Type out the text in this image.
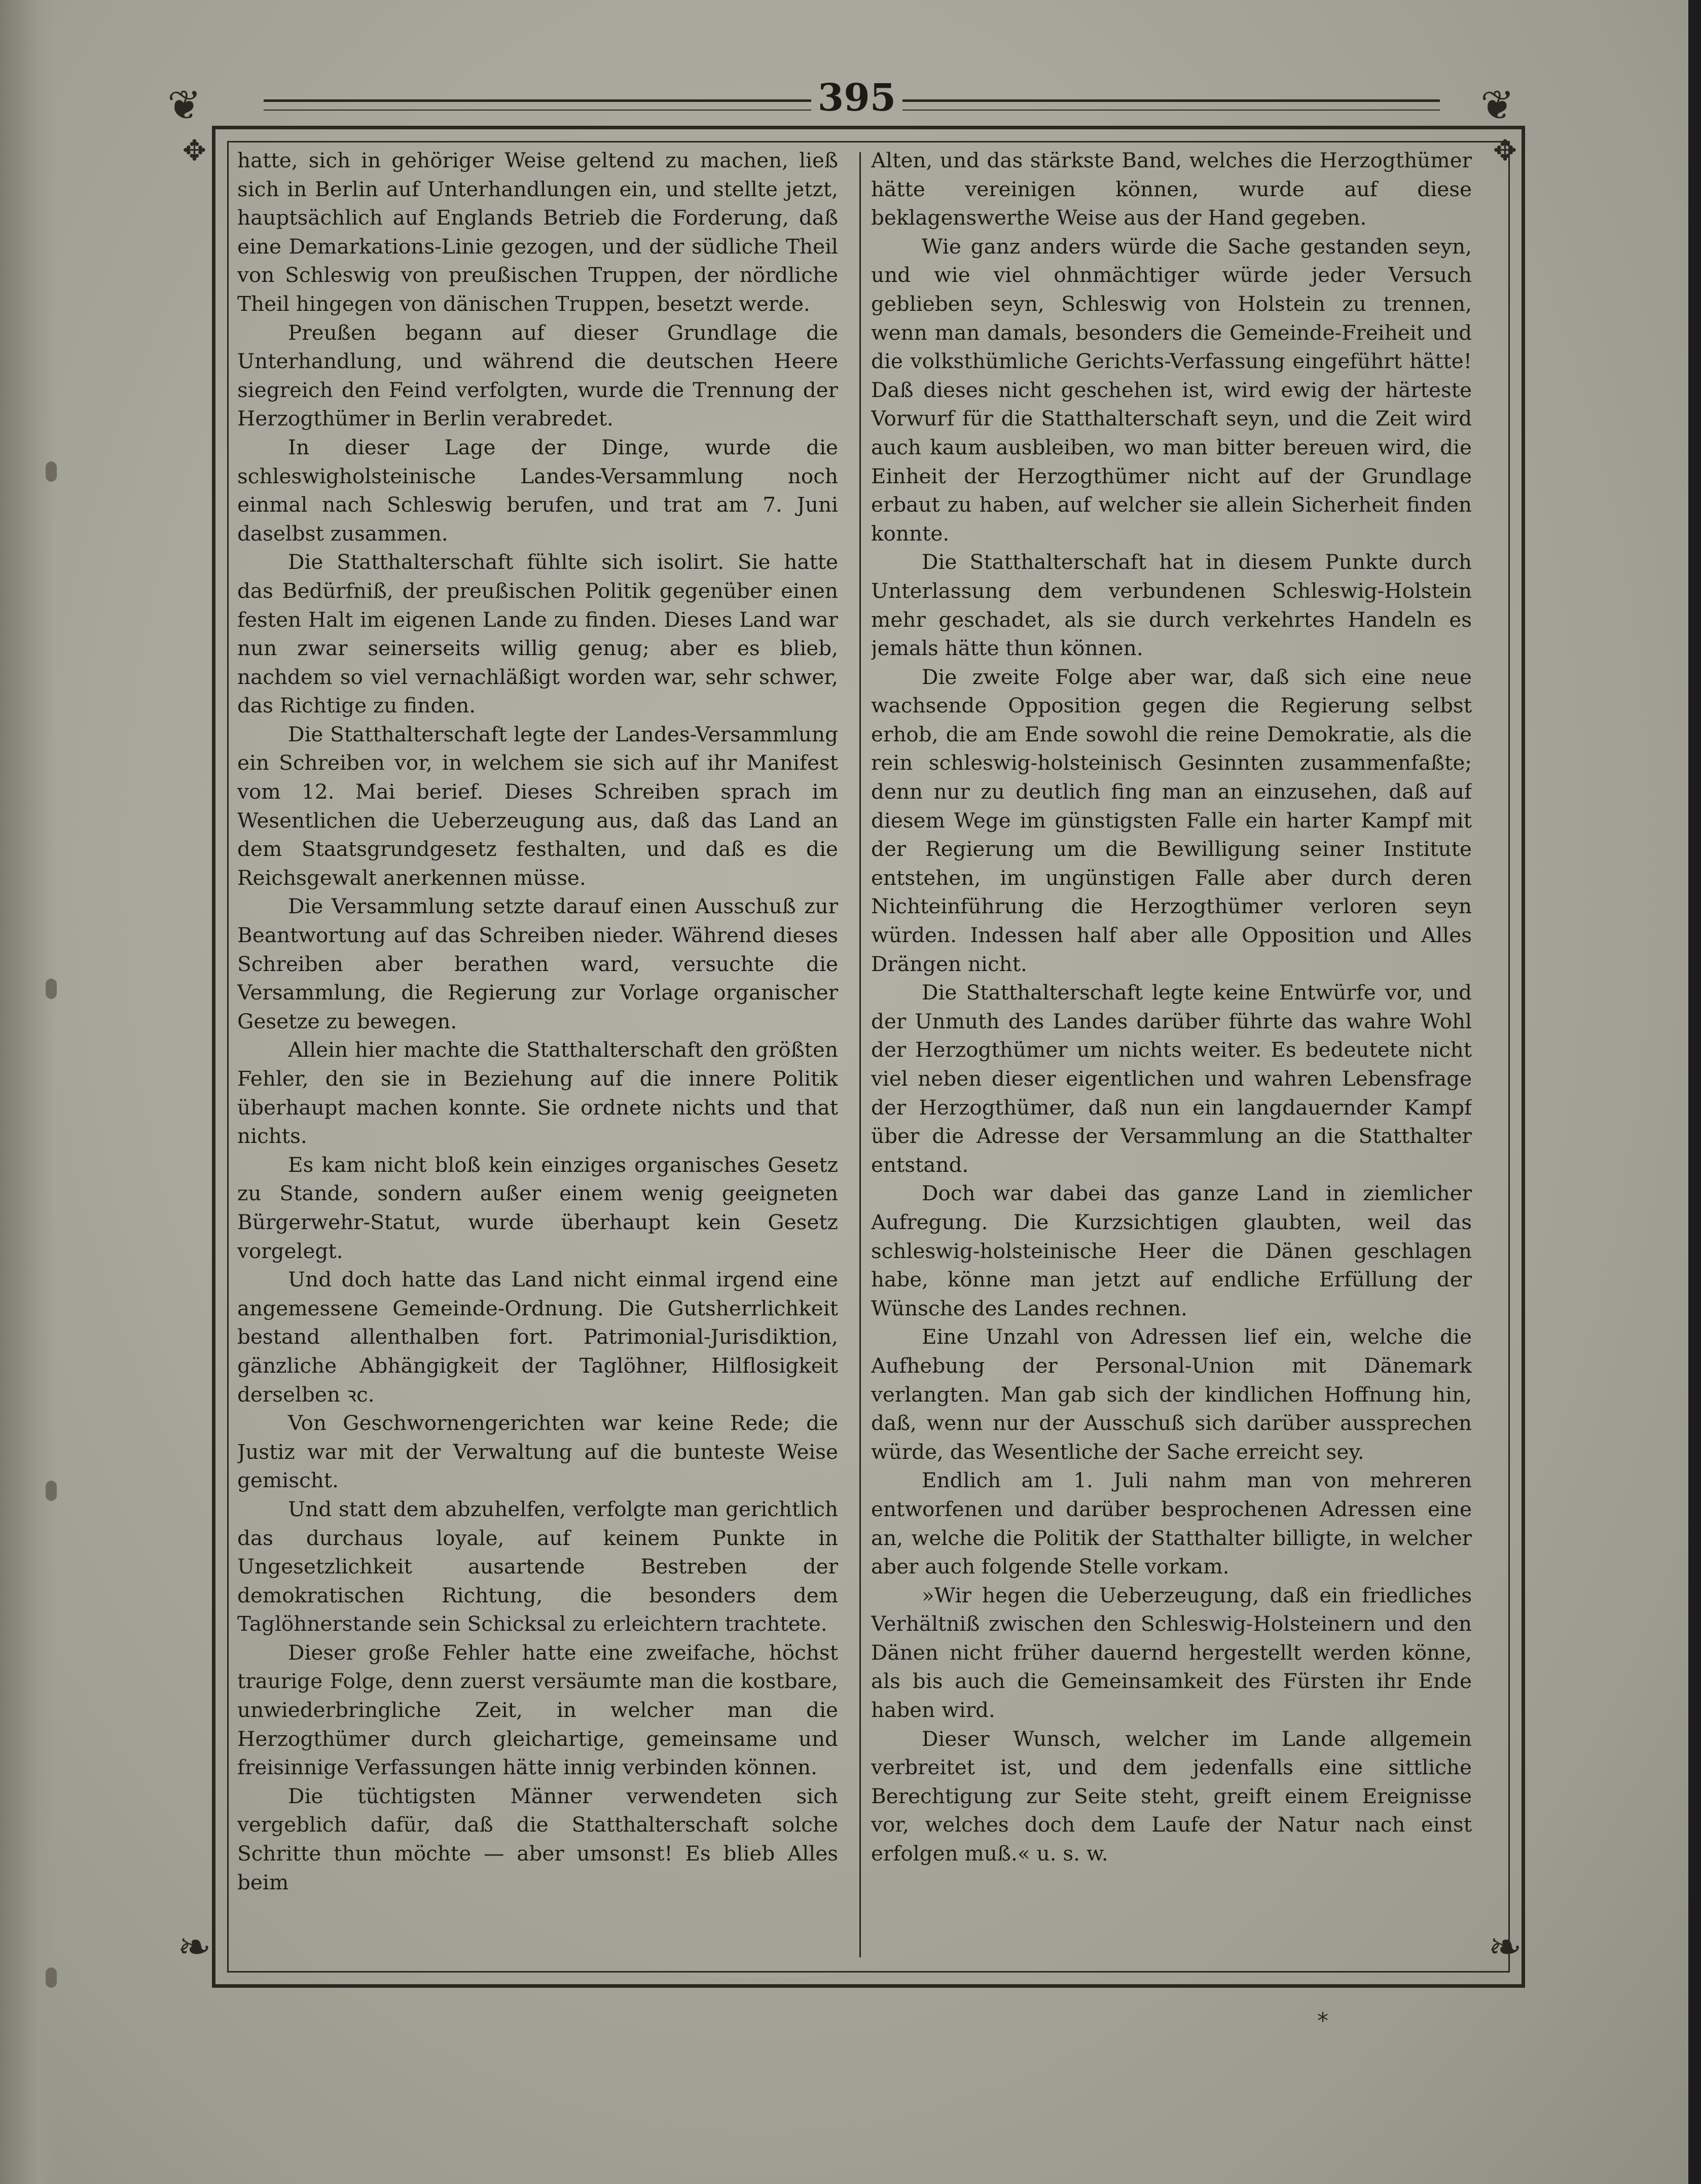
395
❦	❦
❧	❧
✥	✥

hatte, sich in gehöriger Weise geltend zu machen, ließ sich in Berlin auf Unterhandlungen ein, und stellte jetzt, hauptsächlich auf Englands Betrieb die Forderung, daß eine Demarkations-Linie gezogen, und der südliche Theil von Schleswig von preußischen Truppen, der nördliche Theil hingegen von dänischen Truppen, besetzt werde.

Preußen begann auf dieser Grundlage die Unterhandlung, und während die deutschen Heere siegreich den Feind verfolgten, wurde die Trennung der Herzogthümer in Berlin verabredet.

In dieser Lage der Dinge, wurde die schleswigholsteinische Landes-Versammlung noch einmal nach Schleswig berufen, und trat am 7. Juni daselbst zusammen.

Die Statthalterschaft fühlte sich isolirt. Sie hatte das Bedürfniß, der preußischen Politik gegenüber einen festen Halt im eigenen Lande zu finden. Dieses Land war nun zwar seinerseits willig genug; aber es blieb, nachdem so viel vernachläßigt worden war, sehr schwer, das Richtige zu finden.

Die Statthalterschaft legte der Landes-Versammlung ein Schreiben vor, in welchem sie sich auf ihr Manifest vom 12. Mai berief. Dieses Schreiben sprach im Wesentlichen die Ueberzeugung aus, daß das Land an dem Staatsgrundgesetz festhalten, und daß es die Reichsgewalt anerkennen müsse.

Die Versammlung setzte darauf einen Ausschuß zur Beantwortung auf das Schreiben nieder. Während dieses Schreiben aber berathen ward, versuchte die Versammlung, die Regierung zur Vorlage organischer Gesetze zu bewegen.

Allein hier machte die Statthalterschaft den größten Fehler, den sie in Beziehung auf die innere Politik überhaupt machen konnte. Sie ordnete nichts und that nichts.

Es kam nicht bloß kein einziges organisches Gesetz zu Stande, sondern außer einem wenig geeigneten Bürgerwehr-Statut, wurde überhaupt kein Gesetz vorgelegt.

Und doch hatte das Land nicht einmal irgend eine angemessene Gemeinde-Ordnung. Die Gutsherrlichkeit bestand allenthalben fort. Patrimonial-Jurisdiktion, gänzliche Abhängigkeit der Taglöhner, Hilflosigkeit derselben ꝛc.

Von Geschwornengerichten war keine Rede; die Justiz war mit der Verwaltung auf die bunteste Weise gemischt.

Und statt dem abzuhelfen, verfolgte man gerichtlich das durchaus loyale, auf keinem Punkte in Ungesetzlichkeit ausartende Bestreben der demokratischen Richtung, die besonders dem Taglöhnerstande sein Schicksal zu erleichtern trachtete.

Dieser große Fehler hatte eine zweifache, höchst traurige Folge, denn zuerst versäumte man die kostbare, unwiederbringliche Zeit, in welcher man die Herzogthümer durch gleichartige, gemeinsame und freisinnige Verfassungen hätte innig verbinden können.

Die tüchtigsten Männer verwendeten sich vergeblich dafür, daß die Statthalterschaft solche Schritte thun möchte — aber umsonst! Es blieb Alles beim

Alten, und das stärkste Band, welches die Herzogthümer hätte vereinigen können, wurde auf diese beklagenswerthe Weise aus der Hand gegeben.

Wie ganz anders würde die Sache gestanden seyn, und wie viel ohnmächtiger würde jeder Versuch geblieben seyn, Schleswig von Holstein zu trennen, wenn man damals, besonders die Gemeinde-Freiheit und die volksthümliche Gerichts-Verfassung eingeführt hätte! Daß dieses nicht geschehen ist, wird ewig der härteste Vorwurf für die Statthalterschaft seyn, und die Zeit wird auch kaum ausbleiben, wo man bitter bereuen wird, die Einheit der Herzogthümer nicht auf der Grundlage erbaut zu haben, auf welcher sie allein Sicherheit finden konnte.

Die Statthalterschaft hat in diesem Punkte durch Unterlassung dem verbundenen Schleswig-Holstein mehr geschadet, als sie durch verkehrtes Handeln es jemals hätte thun können.

Die zweite Folge aber war, daß sich eine neue wachsende Opposition gegen die Regierung selbst erhob, die am Ende sowohl die reine Demokratie, als die rein schleswig-holsteinisch Gesinnten zusammenfaßte; denn nur zu deutlich fing man an einzusehen, daß auf diesem Wege im günstigsten Falle ein harter Kampf mit der Regierung um die Bewilligung seiner Institute entstehen, im ungünstigen Falle aber durch deren Nichteinführung die Herzogthümer verloren seyn würden. Indessen half aber alle Opposition und Alles Drängen nicht.

Die Statthalterschaft legte keine Entwürfe vor, und der Unmuth des Landes darüber führte das wahre Wohl der Herzogthümer um nichts weiter. Es bedeutete nicht viel neben dieser eigentlichen und wahren Lebensfrage der Herzogthümer, daß nun ein langdauernder Kampf über die Adresse der Versammlung an die Statthalter entstand.

Doch war dabei das ganze Land in ziemlicher Aufregung. Die Kurzsichtigen glaubten, weil das schleswig-holsteinische Heer die Dänen geschlagen habe, könne man jetzt auf endliche Erfüllung der Wünsche des Landes rechnen.

Eine Unzahl von Adressen lief ein, welche die Aufhebung der Personal-Union mit Dänemark verlangten. Man gab sich der kindlichen Hoffnung hin, daß, wenn nur der Ausschuß sich darüber aussprechen würde, das Wesentliche der Sache erreicht sey.

Endlich am 1. Juli nahm man von mehreren entworfenen und darüber besprochenen Adressen eine an, welche die Politik der Statthalter billigte, in welcher aber auch folgende Stelle vorkam.

»Wir hegen die Ueberzeugung, daß ein friedliches Verhältniß zwischen den Schleswig-Holsteinern und den Dänen nicht früher dauernd hergestellt werden könne, als bis auch die Gemeinsamkeit des Fürsten ihr Ende haben wird.

Dieser Wunsch, welcher im Lande allgemein verbreitet ist, und dem jedenfalls eine sittliche Berechtigung zur Seite steht, greift einem Ereignisse vor, welches doch dem Laufe der Natur nach einst erfolgen muß.« u. s. w.

*
